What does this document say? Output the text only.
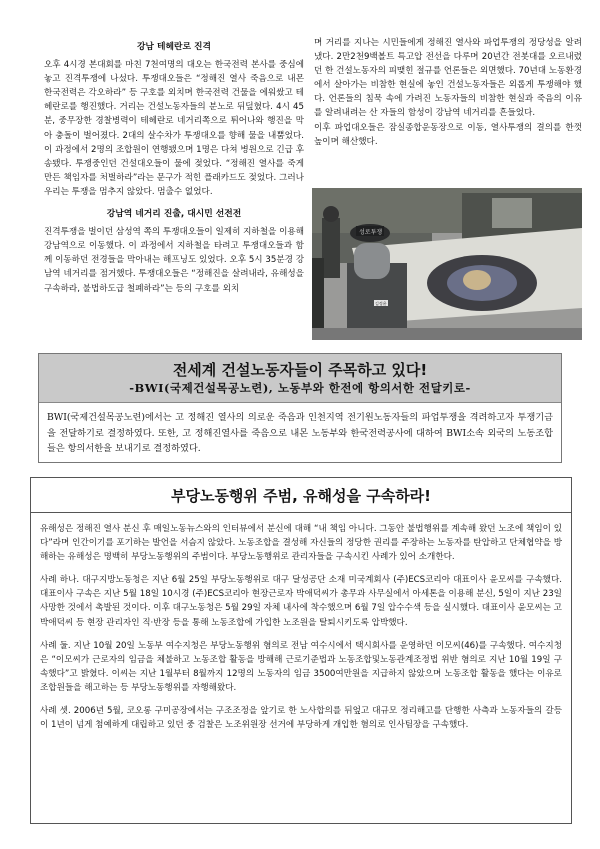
강남 테헤란로 진격

오후 4시경 본대회를 마친 7천여명의 대오는 한국전력 본사를 중심에 놓고 진격투쟁에 나섰다. 투쟁대오들은 “정해진 열사 죽음으로 내몬 한국전력은 각오하라” 등 구호를 외치며 한국전력 건물을 에워쌌고 테헤란로를 행진했다. 거리는 건설노동자들의 분노로 뒤덮혔다. 4시 45분, 중무장한 경찰병력이 테헤란로 네거리쪽으로 튀어나와 행진을 막아 충돌이 벌어졌다. 2대의 살수차가 투쟁대오를 향해 물을 내뿜었다. 이 과정에서 2명의 조합원이 연행됐으며 1명은 다쳐 병원으로 긴급 후송됐다. 투쟁중인던 건설대오들이 물에 젖었다. “정해진 열사를 죽게 만든 책임자를 처벌하라”라는 문구가 적힌 플래카드도 젖었다. 그러나 우리는 투쟁을 멈추지 않았다. 멈출수 없었다.

강남역 네거리 진출, 대시민 선전전

진격투쟁을 벌이던 삼성역 쪽의 투쟁대오들이 일제히 지하철을 이용해 강남역으로 이동했다. 이 과정에서 지하철을 타려고 투쟁대오들과 함께 이동하던 전경들을 막아내는 해프닝도 있었다. 오후 5시 35분경 강남역 네거리를 점거했다. 투쟁대오들은 “정해진을 살려내라, 유해성을 구속하라, 불법하도급 철폐하라”는 등의 구호를 외치

며 거리를 지나는 시민들에게 정해진 열사와 파업투쟁의 정당성을 알려냈다. 2만2천9백볼트 특고압 전선을 다루며 20년간 전봇대를 오르내렸던 한 건설노동자의 피맺힌 절규를 언론들은 외면했다. 70년대 노동환경에서 살아가는 비참한 현실에 놓인 건설노동자들은 외롭게 투쟁해야 했다. 언론들의 침묵 속에 가려진 노동자들의 비참한 현실과 죽음의 이유를 알려내려는 산 자들의 함성이 강남역 네거리를 흔들었다.

이후 파업대오들은 잠실종합운동장으로 이동, 열사투쟁의 결의를 한껏 높이며 해산했다.

성로투쟁
김정윤
전세계 건설노동자들이 주목하고 있다!
-BWI(국제건설목공노련), 노동부와 한전에 항의서한 전달키로-
BWI(국제건설목공노련)에서는 고 정해진 열사의 의로운 죽음과 인천지역 전기원노동자들의 파업투쟁을 격려하고자 투쟁기금을 전달하기로 결정하였다. 또한, 고 정해진열사를 죽음으로 내몬 노동부와 한국전력공사에 대하여 BWI소속 외국의 노동조합들은 항의서한을 보내기로 결정하였다.
부당노동행위 주범, 유해성을 구속하라!

유해성은 정해진 열사 분신 후 매일노동뉴스와의 인터뷰에서 분신에 대해 “내 책임 아니다. 그동안 불법행위를 계속해 왔던 노조에 책임이 있다”라며 인간이기를 포기하는 발언을 서슴지 않았다. 노동조합을 결성해 자신들의 정당한 권리를 주장하는 노동자를 탄압하고 단체협약을 방해하는 유해성은 명백히 부당노동행위의 주범이다. 부당노동행위로 관리자들을 구속시킨 사례가 있어 소개한다.

사례 하나. 대구지방노동청은 지난 6월 25일 부당노동행위로 대구 달성공단 소재 미국계회사 (주)ECS코리아 대표이사 윤모씨를 구속했다. 대표이사 구속은 지난 5월 18일 10시경 (주)ECS코리아 현장근로자 박애덕씨가 총무과 사무실에서 아세톤을 이용해 분신, 5일이 지난 23일 사망한 것에서 촉발된 것이다. 이후 대구노동청은 5월 29일 자체 내사에 착수했으며 6월 7일 압수수색 등을 실시했다. 대표이사 윤모씨는 고 박애덕씨 등 현장 관리자인 직·반장 등을 통해 노동조합에 가입한 노조원을 탈퇴시키도록 압박했다.

사례 둘. 지난 10월 20일 노동부 여수지청은 부당노동행위 혐의로 전남 여수시에서 택시회사를 운영하던 이모씨(46)를 구속했다. 여수지청은 “이모씨가 근로자의 임금을 체불하고 노동조합 활동을 방해해 근로기준법과 노동조합및노동관계조정법 위반 혐의로 지난 10월 19일 구속했다”고 밝혔다. 이씨는 지난 1월부터 8월까지 12명의 노동자의 임금 3500여만원을 지급하지 않았으며 노동조합 활동을 했다는 이유로 조합원들을 해고하는 등 부당노동행위를 자행해왔다.

사례 셋. 2006년 5월, 코오롱 구미공장에서는 구조조정을 앞기로 한 노사합의를 뒤엎고 대규모 정리해고를 단행한 사측과 노동자들의 갈등이 1년이 넘게 첨예하게 대립하고 있던 중 검찰은 노조위원장 선거에 부당하게 개입한 혐의로 인사팀장을 구속했다.
